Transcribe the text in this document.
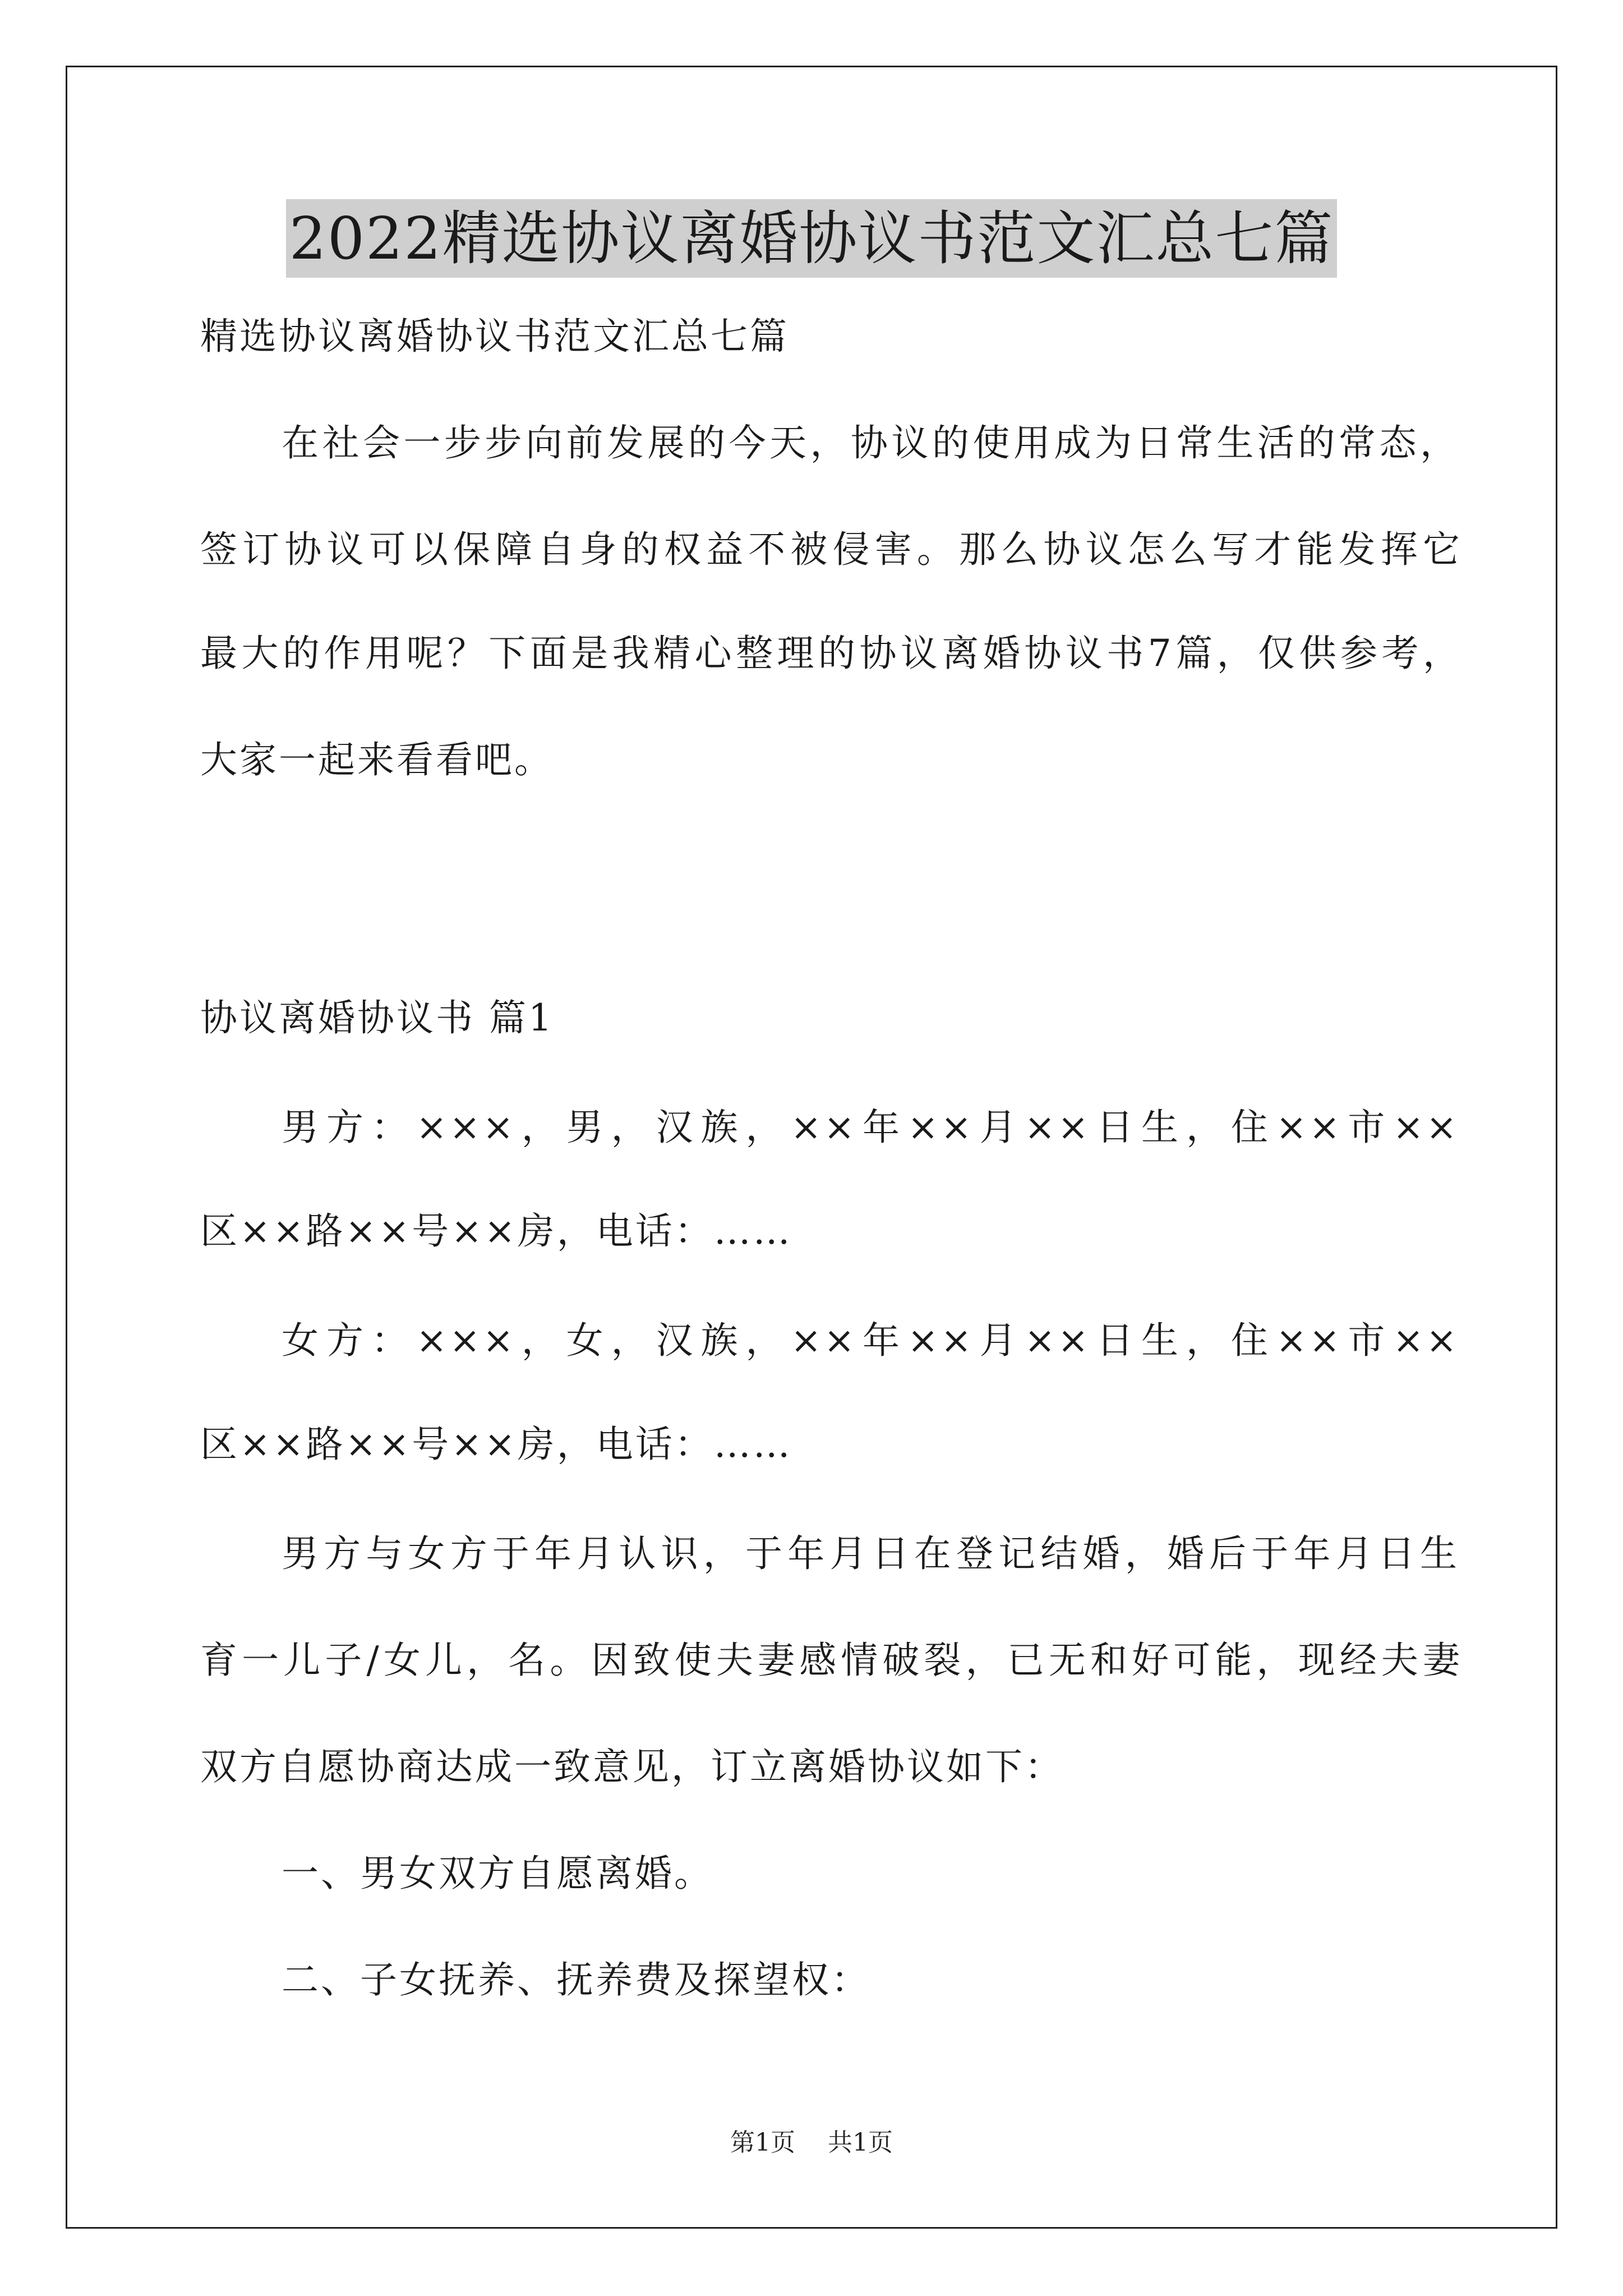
2022精选协议离婚协议书范文汇总七篇
精选协议离婚协议书范文汇总七篇
在社会一步步向前发展的今天，协议的使用成为日常生活的常态，
签订协议可以保障自身的权益不被侵害。那么协议怎么写才能发挥它
最大的作用呢？下面是我精心整理的协议离婚协议书7篇，仅供参考，
大家一起来看看吧。
协议离婚协议书 篇1
男方：×××，男，汉族，××年××月××日生，住××市××
区××路××号××房，电话：……
女方：×××，女，汉族，××年××月××日生，住××市××
区××路××号××房，电话：……
男方与女方于年月认识，于年月日在登记结婚，婚后于年月日生
育一儿子/女儿，名。因致使夫妻感情破裂，已无和好可能，现经夫妻
双方自愿协商达成一致意见，订立离婚协议如下：
一、男女双方自愿离婚。
二、子女抚养、抚养费及探望权：
第1页 共1页
